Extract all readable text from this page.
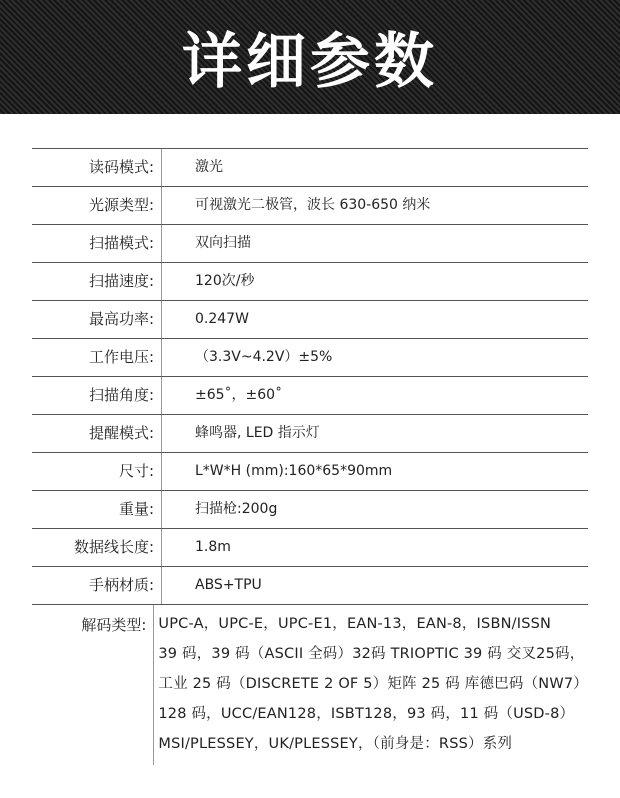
详细参数
读码模式:	激光
光源类型:	可视激光二极管，波长 630-650 纳米
扫描模式:	双向扫描
扫描速度:	120次/秒
最高功率:	0.247W
工作电压:	（3.3V~4.2V）±5%
扫描角度:	±65˚，±60˚
提醒模式:	蜂鸣器, LED 指示灯
尺寸:	L*W*H (mm):160*65*90mm
重量:	扫描枪:200g
数据线长度:	1.8m
手柄材质:	ABS+TPU
解码类型: UPC-A，UPC-E，UPC-E1，EAN-13，EAN-8，ISBN/ISSN
39 码，39 码（ASCII 全码）32码 TRIOPTIC 39 码 交叉25码，
工业 25 码（DISCRETE 2 OF 5）矩阵 25 码 库德巴码（NW7）
128 码，UCC/EAN128，ISBT128，93 码，11 码（USD-8）
MSI/PLESSEY，UK/PLESSEY，（前身是：RSS）系列
